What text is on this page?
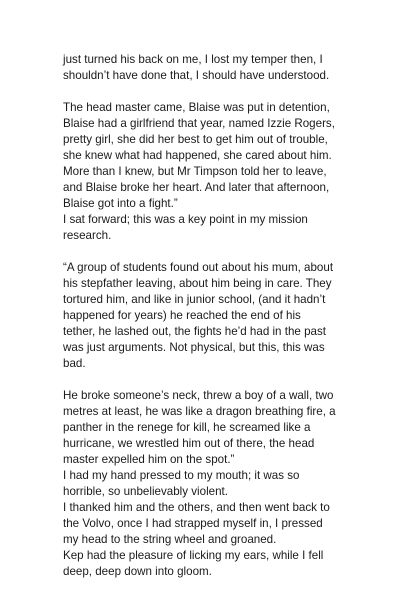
just turned his back on me, I lost my temper then, I
shouldn’t have done that, I should have understood.
The head master came, Blaise was put in detention,
Blaise had a girlfriend that year, named Izzie Rogers,
pretty girl, she did her best to get him out of trouble,
she knew what had happened, she cared about him.
More than I knew, but Mr Timpson told her to leave,
and Blaise broke her heart. And later that afternoon,
Blaise got into a fight.”
I sat forward; this was a key point in my mission
research.
“A group of students found out about his mum, about
his stepfather leaving, about him being in care. They
tortured him, and like in junior school, (and it hadn’t
happened for years) he reached the end of his
tether, he lashed out, the fights he’d had in the past
was just arguments. Not physical, but this, this was
bad.
He broke someone’s neck, threw a boy of a wall, two
metres at least, he was like a dragon breathing fire, a
panther in the renege for kill, he screamed like a
hurricane, we wrestled him out of there, the head
master expelled him on the spot.”
I had my hand pressed to my mouth; it was so
horrible, so unbelievably violent.
I thanked him and the others, and then went back to
the Volvo, once I had strapped myself in, I pressed
my head to the string wheel and groaned.
Kep had the pleasure of licking my ears, while I fell
deep, deep down into gloom.
